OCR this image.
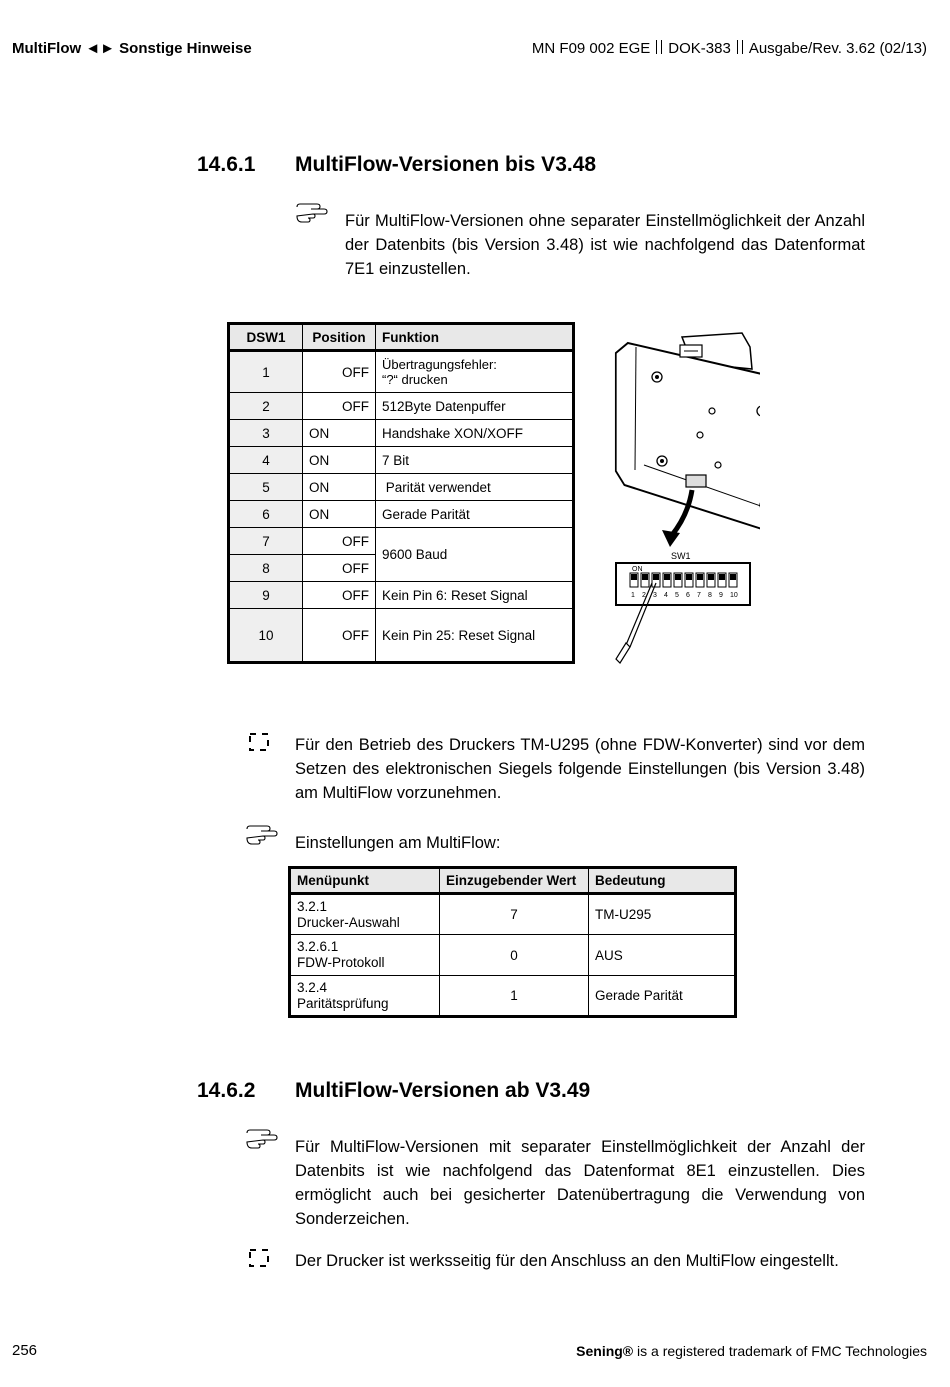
MultiFlow ◄► Sonstige Hinweise	MN F09 002 EGE DOK-383 Ausgabe/Rev. 3.62 (02/13)
14.6.1 MultiFlow-Versionen bis V3.48
Für MultiFlow-Versionen ohne separater Einstellmöglichkeit der Anzahl der Datenbits (bis Version 3.48) ist wie nachfolgend das Datenformat 7E1 einzustellen.
DSW1	Position	Funktion
1	OFF	Übertragungsfehler:
“?“ drucken

2	OFF	512Byte Datenpuffer
3	ON	Handshake XON/XOFF
4	ON	7 Bit
5	ON	Parität verwendet
6	ON	Gerade Parität
7	OFF	9600 Baud
8	OFF	

9	OFF	Kein Pin 6: Reset Signal
10	OFF	Kein Pin 25: Reset Signal
SW1
ON
1 2 3 4 5 6 7 8 9 10
Für den Betrieb des Druckers TM-U295 (ohne FDW-Konverter) sind vor dem Setzen des elektronischen Siegels folgende Einstellungen (bis Version 3.48) am MultiFlow vorzunehmen.
Einstellungen am MultiFlow:
Menüpunkt	Einzugebender Wert	Bedeutung

3.2.1
Drucker-Auswahl	7	TM-U295

3.2.6.1
FDW-Protokoll	0	AUS

3.2.4
Paritätsprüfung	1	Gerade Parität
14.6.2 MultiFlow-Versionen ab V3.49
Für MultiFlow-Versionen mit separater Einstellmöglichkeit der Anzahl der Datenbits ist wie nachfolgend das Datenformat 8E1 einzustellen. Dies ermöglicht auch bei gesicherter Datenübertragung die Verwendung von Sonderzeichen.
Der Drucker ist werksseitig für den Anschluss an den MultiFlow eingestellt.
256	Sening® is a registered trademark of FMC Technologies
